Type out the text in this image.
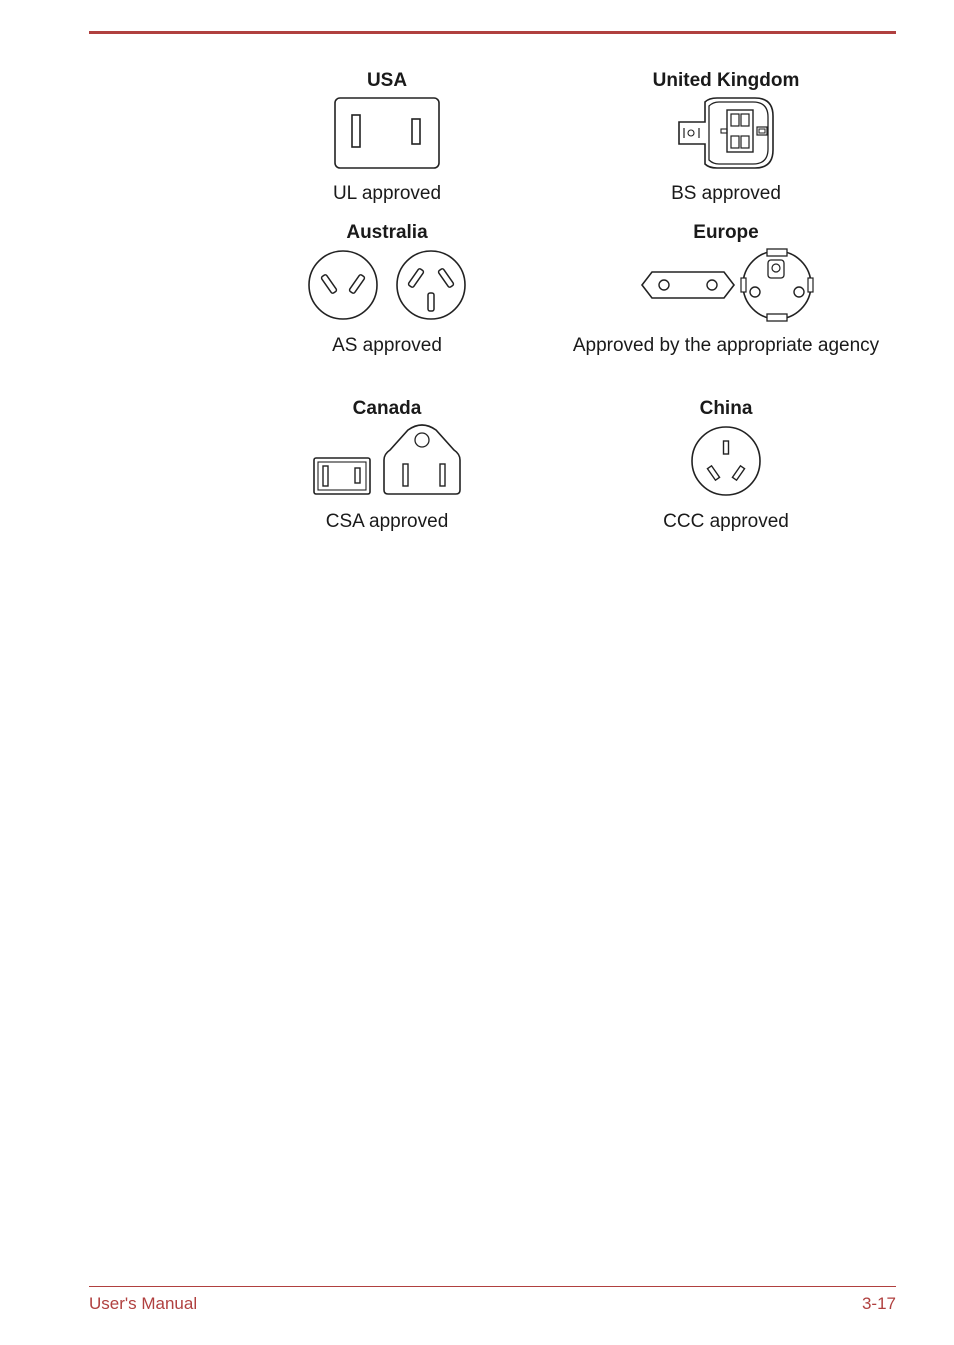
USA
UL approved
United Kingdom
BS approved
Australia
AS approved
Europe
Approved by the appropriate agency
Canada
CSA approved
China
CCC approved
User's Manual	3-17
